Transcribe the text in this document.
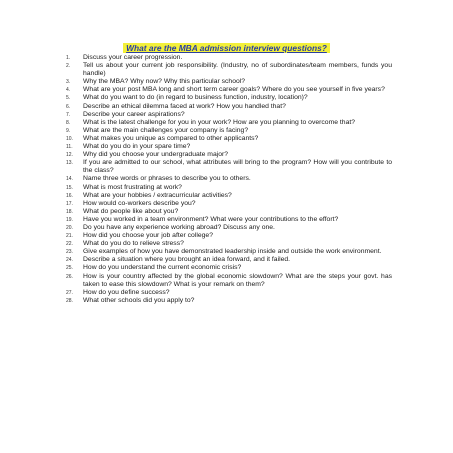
What are the MBA admission interview questions?
1.	Discuss your career progression.
2.	Tell us about your current job responsibility. (Industry, no of subordinates/team members, funds you handle)
3.	Why the MBA? Why now? Why this particular school?
4.	What are your post MBA long and short term career goals? Where do you see yourself in five years?
5.	What do you want to do (in regard to business function, industry, location)?
6.	Describe an ethical dilemma faced at work? How you handled that?
7.	Describe your career aspirations?
8.	What is the latest challenge for you in your work? How are you planning to overcome that?
9.	What are the main challenges your company is facing?
10.	What makes you unique as compared to other applicants?
11.	What do you do in your spare time?
12.	Why did you choose your undergraduate major?
13.	If you are admitted to our school, what attributes will bring to the program? How will you contribute to the class?
14.	Name three words or phrases to describe you to others.
15.	What is most frustrating at work?
16.	What are your hobbies / extracurricular activities?
17.	How would co-workers describe you?
18.	What do people like about you?
19.	Have you worked in a team environment? What were your contributions to the effort?
20.	Do you have any experience working abroad? Discuss any one.
21.	How did you choose your job after college?
22.	What do you do to relieve stress?
23.	Give examples of how you have demonstrated leadership inside and outside the work environment.
24.	Describe a situation where you brought an idea forward, and it failed.
25.	How do you understand the current economic crisis?
26.	How is your country affected by the global economic slowdown? What are the steps your govt. has taken to ease this slowdown? What is your remark on them?
27.	How do you define success?
28.	What other schools did you apply to?
